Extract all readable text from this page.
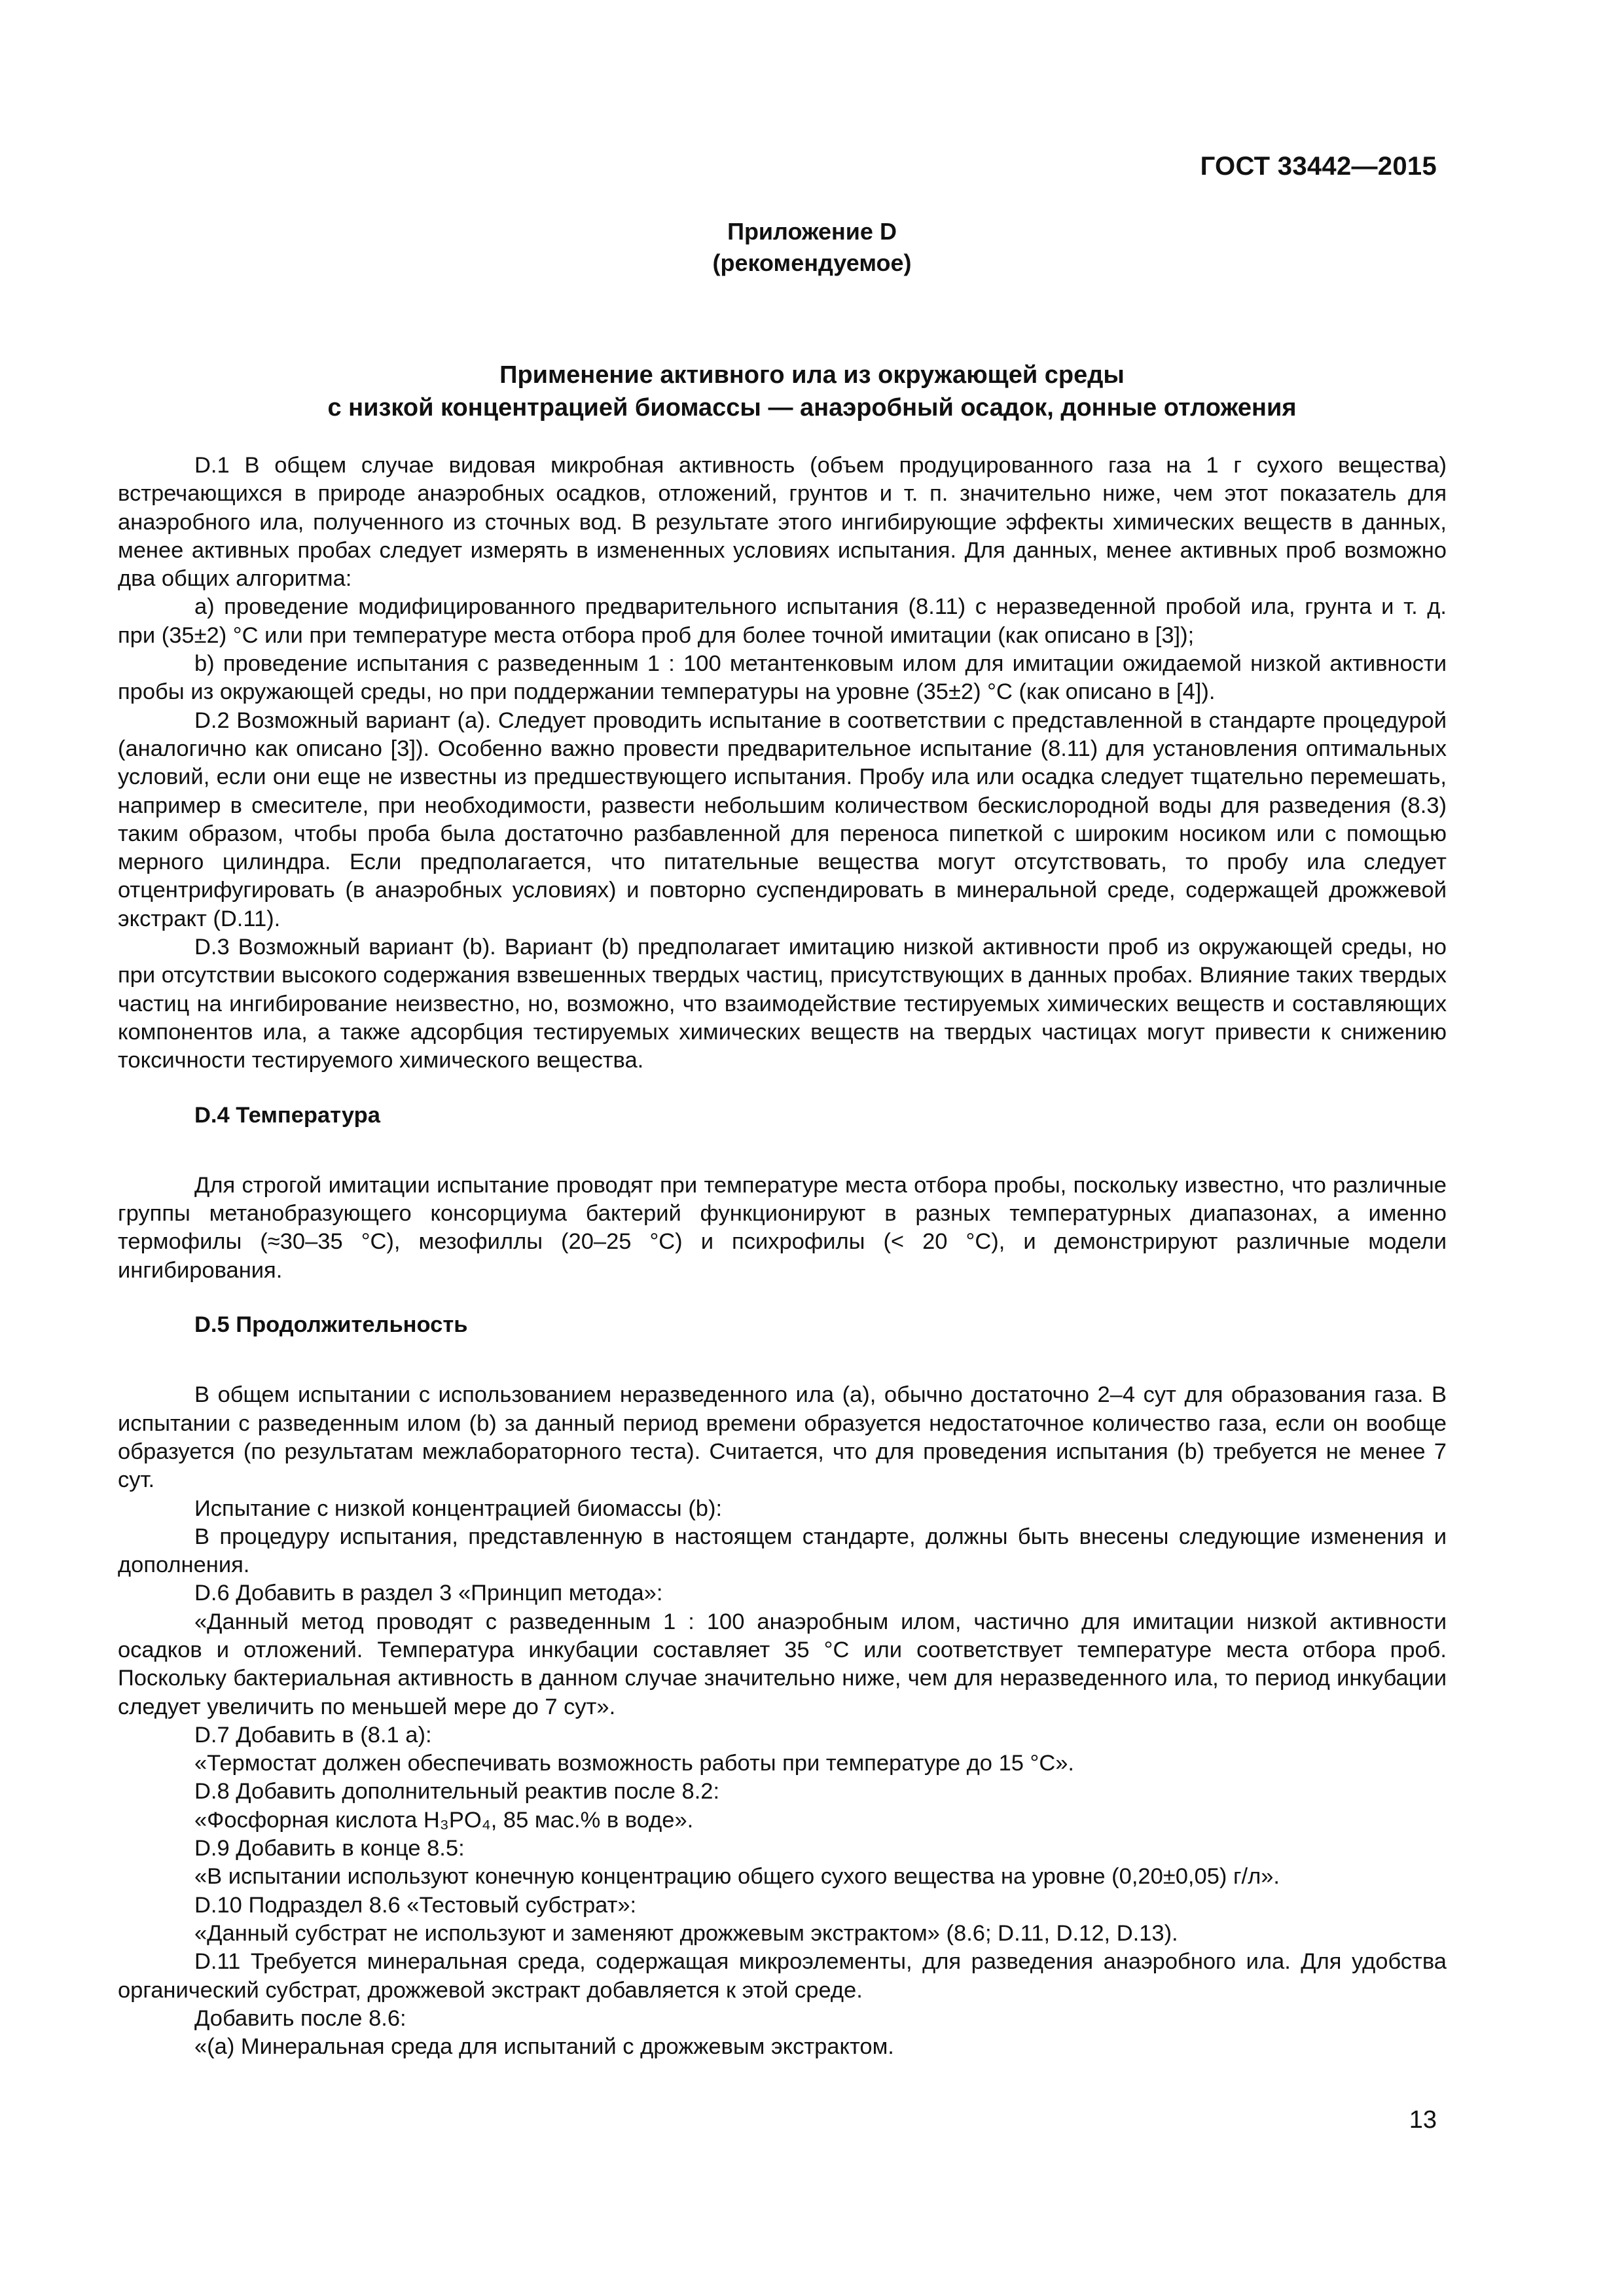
ГОСТ 33442—2015
Приложение D
(рекомендуемое)
Применение активного ила из окружающей среды
с низкой концентрацией биомассы — анаэробный осадок, донные отложения

D.1 В общем случае видовая микробная активность (объем продуцированного газа на 1 г сухого вещества) встречающихся в природе анаэробных осадков, отложений, грунтов и т. п. значительно ниже, чем этот показатель для анаэробного ила, полученного из сточных вод. В результате этого ингибирующие эффекты химических веществ в данных, менее активных пробах следует измерять в измененных условиях испытания. Для данных, менее активных проб возможно два общих алгоритма:

a) проведение модифицированного предварительного испытания (8.11) с неразведенной пробой ила, грунта и т. д. при (35±2) °С или при температуре места отбора проб для более точной имитации (как описано в [3]);

b) проведение испытания с разведенным 1 : 100 метантенковым илом для имитации ожидаемой низкой активности пробы из окружающей среды, но при поддержании температуры на уровне (35±2) °С (как описано в [4]).

D.2 Возможный вариант (а). Следует проводить испытание в соответствии с представленной в стандарте процедурой (аналогично как описано [3]). Особенно важно провести предварительное испытание (8.11) для установления оптимальных условий, если они еще не известны из предшествующего испытания. Пробу ила или осадка следует тщательно перемешать, например в смесителе, при необходимости, развести небольшим количеством бескислородной воды для разведения (8.3) таким образом, чтобы проба была достаточно разбавленной для переноса пипеткой с широким носиком или с помощью мерного цилиндра. Если предполагается, что питательные вещества могут отсутствовать, то пробу ила следует отцентрифугировать (в анаэробных условиях) и повторно суспендировать в минеральной среде, содержащей дрожжевой экстракт (D.11).

D.3 Возможный вариант (b). Вариант (b) предполагает имитацию низкой активности проб из окружающей среды, но при отсутствии высокого содержания взвешенных твердых частиц, присутствующих в данных пробах. Влияние таких твердых частиц на ингибирование неизвестно, но, возможно, что взаимодействие тестируемых химических веществ и составляющих компонентов ила, а также адсорбция тестируемых химических веществ на твердых частицах могут привести к снижению токсичности тестируемого химического вещества.

D.4 Температура

Для строгой имитации испытание проводят при температуре места отбора пробы, поскольку известно, что различные группы метанобразующего консорциума бактерий функционируют в разных температурных диапазонах, а именно термофилы (≈30–35 °С), мезофиллы (20–25 °С) и психрофилы (< 20 °С), и демонстрируют различные модели ингибирования.

D.5 Продолжительность

В общем испытании с использованием неразведенного ила (а), обычно достаточно 2–4 сут для образования газа. В испытании с разведенным илом (b) за данный период времени образуется недостаточное количество газа, если он вообще образуется (по результатам межлабораторного теста). Считается, что для проведения испытания (b) требуется не менее 7 сут.

Испытание с низкой концентрацией биомассы (b):

В процедуру испытания, представленную в настоящем стандарте, должны быть внесены следующие изменения и дополнения.

D.6 Добавить в раздел 3 «Принцип метода»:

«Данный метод проводят с разведенным 1 : 100 анаэробным илом, частично для имитации низкой активности осадков и отложений. Температура инкубации составляет 35 °С или соответствует температуре места отбора проб. Поскольку бактериальная активность в данном случае значительно ниже, чем для неразведенного ила, то период инкубации следует увеличить по меньшей мере до 7 сут».

D.7 Добавить в (8.1 а):

«Термостат должен обеспечивать возможность работы при температуре до 15 °С».

D.8 Добавить дополнительный реактив после 8.2:

«Фосфорная кислота H₃PO₄, 85 мас.% в воде».

D.9 Добавить в конце 8.5:

«В испытании используют конечную концентрацию общего сухого вещества на уровне (0,20±0,05) г/л».

D.10 Подраздел 8.6 «Тестовый субстрат»:

«Данный субстрат не используют и заменяют дрожжевым экстрактом» (8.6; D.11, D.12, D.13).

D.11 Требуется минеральная среда, содержащая микроэлементы, для разведения анаэробного ила. Для удобства органический субстрат, дрожжевой экстракт добавляется к этой среде.

Добавить после 8.6:

«(а) Минеральная среда для испытаний с дрожжевым экстрактом.

13
